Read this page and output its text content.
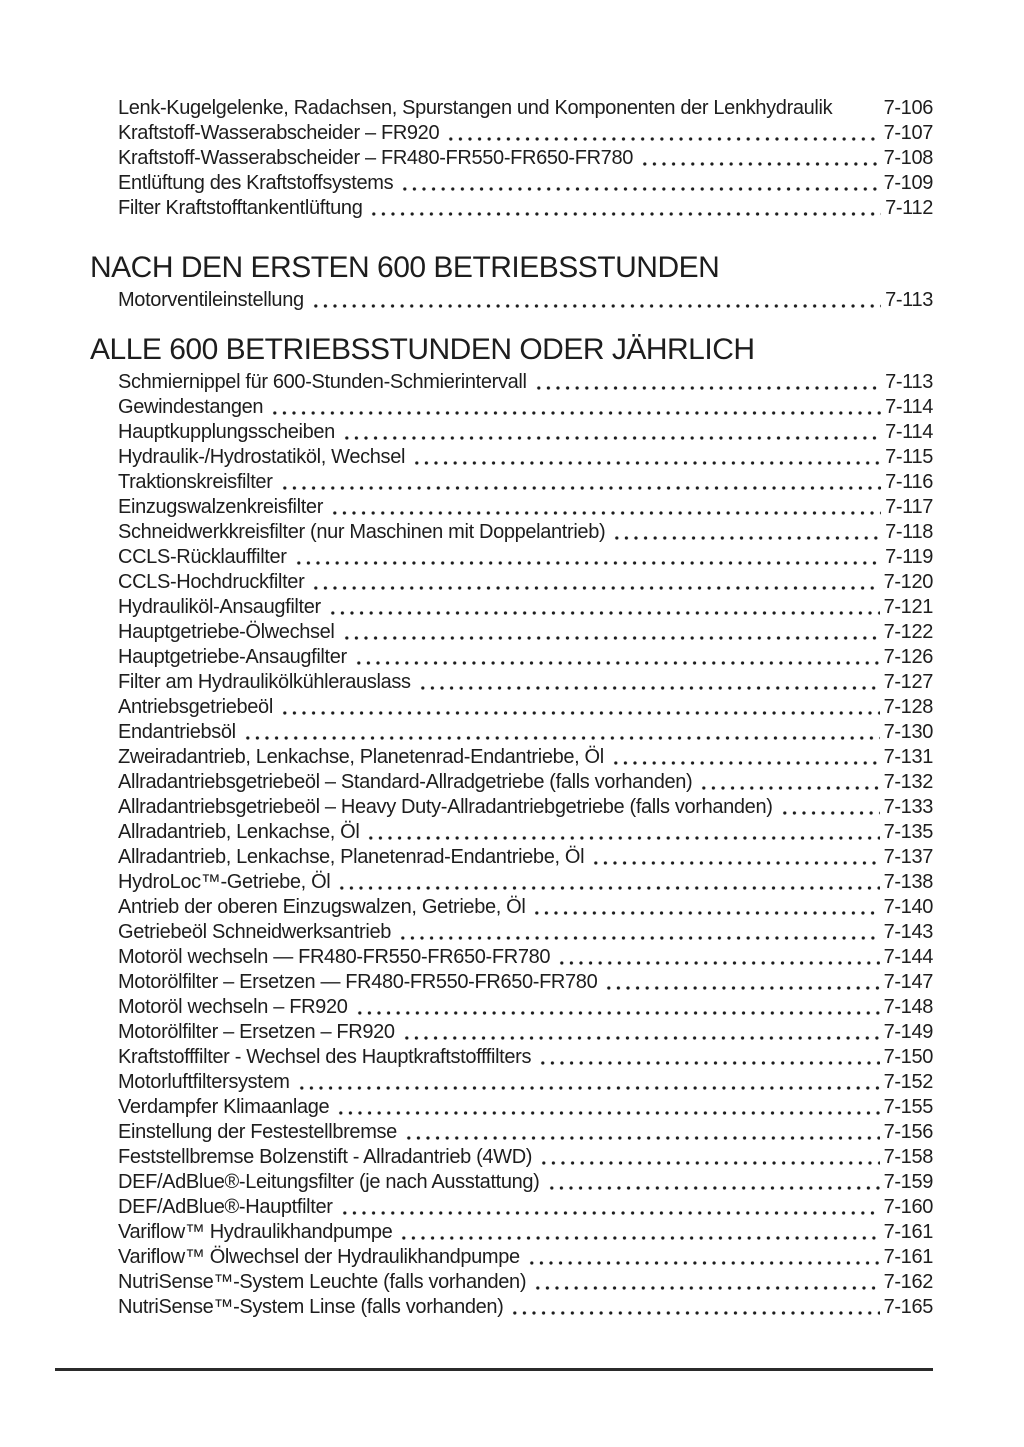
Lenk-Kugelgelenke, Radachsen, Spurstangen und Komponenten der Lenkhydraulik	7-106
Kraftstoff-Wasserabscheider – FR920	7-107
Kraftstoff-Wasserabscheider – FR480-FR550-FR650-FR780	7-108
Entlüftung des Kraftstoffsystems	7-109
Filter Kraftstofftankentlüftung	7-112
NACH DEN ERSTEN 600 BETRIEBSSTUNDEN
Motorventileinstellung	7-113
ALLE 600 BETRIEBSSTUNDEN ODER JÄHRLICH
Schmiernippel für 600-Stunden-Schmierintervall	7-113
Gewindestangen	7-114
Hauptkupplungsscheiben	7-114
Hydraulik-/Hydrostatiköl, Wechsel	7-115
Traktionskreisfilter	7-116
Einzugswalzenkreisfilter	7-117
Schneidwerkkreisfilter (nur Maschinen mit Doppelantrieb)	7-118
CCLS-Rücklauffilter	7-119
CCLS-Hochdruckfilter	7-120
Hydrauliköl-Ansaugfilter	7-121
Hauptgetriebe-Ölwechsel	7-122
Hauptgetriebe-Ansaugfilter	7-126
Filter am Hydraulikölkühlerauslass	7-127
Antriebsgetriebeöl	7-128
Endantriebsöl	7-130
Zweiradantrieb, Lenkachse, Planetenrad-Endantriebe, Öl	7-131
Allradantriebsgetriebeöl – Standard-Allradgetriebe (falls vorhanden)	7-132
Allradantriebsgetriebeöl – Heavy Duty-Allradantriebgetriebe (falls vorhanden)	7-133
Allradantrieb, Lenkachse, Öl	7-135
Allradantrieb, Lenkachse, Planetenrad-Endantriebe, Öl	7-137
HydroLoc™-Getriebe, Öl	7-138
Antrieb der oberen Einzugswalzen, Getriebe, Öl	7-140
Getriebeöl Schneidwerksantrieb	7-143
Motoröl wechseln — FR480-FR550-FR650-FR780	7-144
Motorölfilter – Ersetzen — FR480-FR550-FR650-FR780	7-147
Motoröl wechseln – FR920	7-148
Motorölfilter – Ersetzen – FR920	7-149
Kraftstofffilter - Wechsel des Hauptkraftstofffilters	7-150
Motorluftfiltersystem	7-152
Verdampfer Klimaanlage	7-155
Einstellung der Festestellbremse	7-156
Feststellbremse Bolzenstift - Allradantrieb (4WD)	7-158
DEF/AdBlue®-Leitungsfilter (je nach Ausstattung)	7-159
DEF/AdBlue®-Hauptfilter	7-160
Variflow™ Hydraulikhandpumpe	7-161
Variflow™ Ölwechsel der Hydraulikhandpumpe	7-161
NutriSense™-System Leuchte (falls vorhanden)	7-162
NutriSense™-System Linse (falls vorhanden)	7-165
